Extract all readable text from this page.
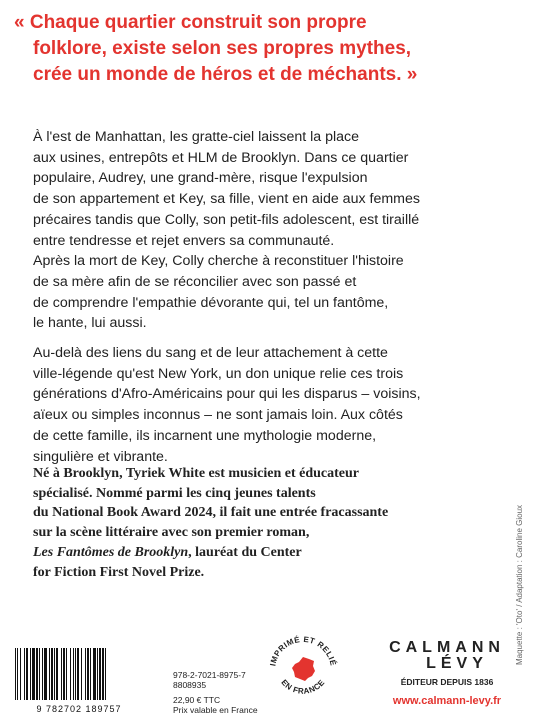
« Chaque quartier construit son propre
folklore, existe selon ses propres mythes,
crée un monde de héros et de méchants. »
À l'est de Manhattan, les gratte-ciel laissent la place
aux usines, entrepôts et HLM de Brooklyn. Dans ce quartier
populaire, Audrey, une grand-mère, risque l'expulsion
de son appartement et Key, sa fille, vient en aide aux femmes
précaires tandis que Colly, son petit-fils adolescent, est tiraillé
entre tendresse et rejet envers sa communauté.
Après la mort de Key, Colly cherche à reconstituer l'histoire
de sa mère afin de se réconcilier avec son passé et
de comprendre l'empathie dévorante qui, tel un fantôme,
le hante, lui aussi.
Au-delà des liens du sang et de leur attachement à cette
ville-légende qu'est New York, un don unique relie ces trois
générations d'Afro-Américains pour qui les disparus – voisins,
aïeux ou simples inconnus – ne sont jamais loin. Aux côtés
de cette famille, ils incarnent une mythologie moderne,
singulière et vibrante.
Né à Brooklyn, Tyriek White est musicien et éducateur
spécialisé. Nommé parmi les cinq jeunes talents
du National Book Award 2024, il fait une entrée fracassante
sur la scène littéraire avec son premier roman,
Les Fantômes de Brooklyn, lauréat du Center
for Fiction First Novel Prize.	Maquette : 'Oto' / Adaptation : Caroline Gioux
9 782702 189757
978-2-7021-8975-7
8808935
22,90 € TTC
Prix valable en France
IMPRIMÉ ET RELIÉ
EN FRANCE
CALMANN
LÉVY
ÉDITEUR DEPUIS 1836
www.calmann-levy.fr
